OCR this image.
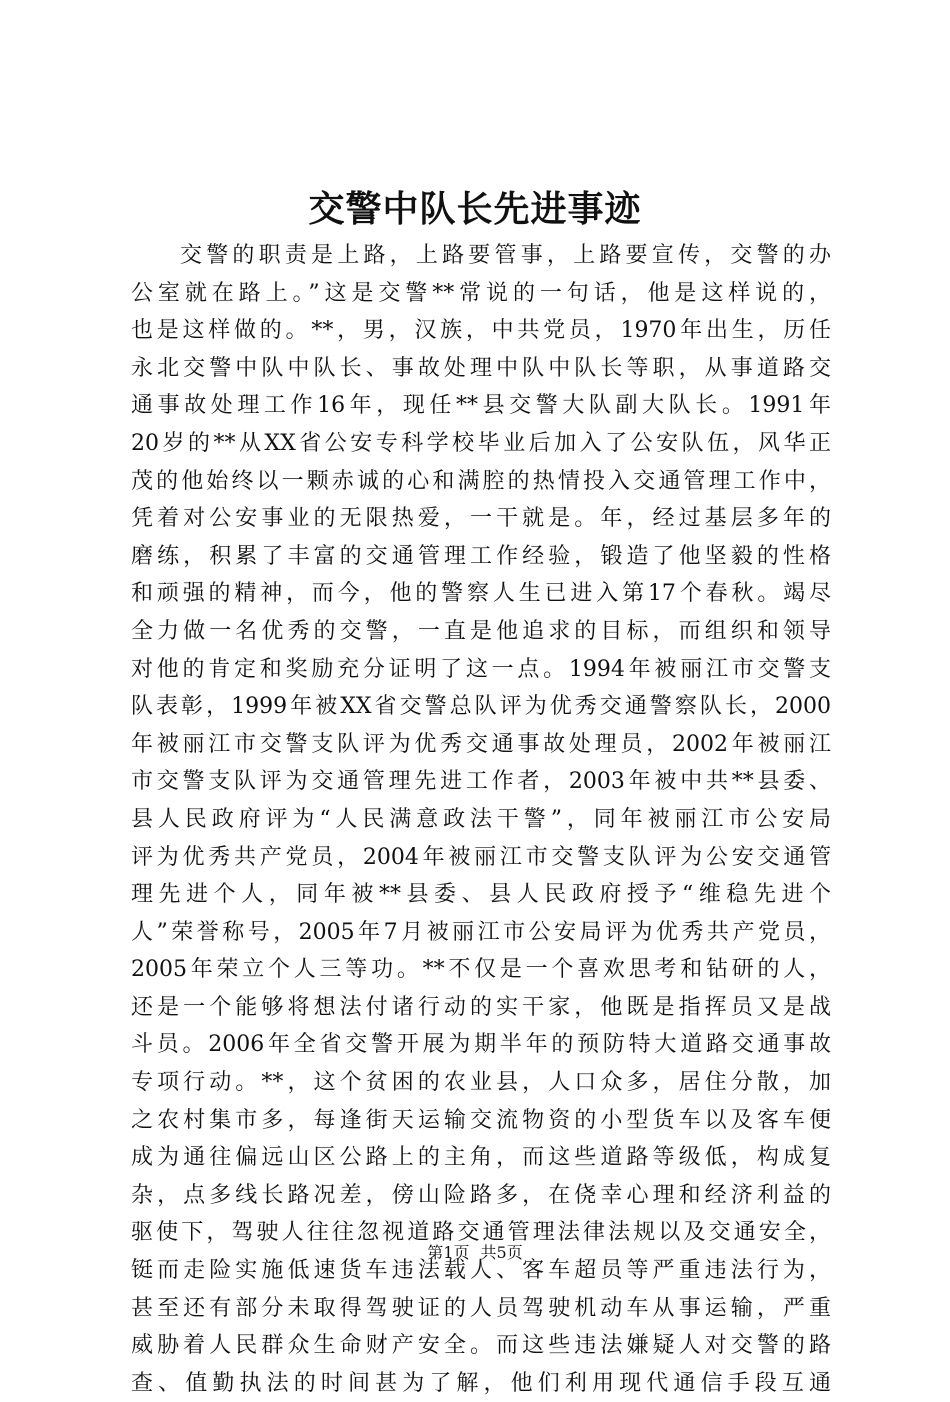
交警中队长先进事迹
交警的职责是上路，上路要管事，上路要宣传，交警的办
公室就在路上。”这是交警**常说的一句话，他是这样说的，
也是这样做的。**，男，汉族，中共党员，1970年出生，历任
永北交警中队中队长、事故处理中队中队长等职，从事道路交
通事故处理工作16年，现任**县交警大队副大队长。1991年
20岁的**从XX省公安专科学校毕业后加入了公安队伍，风华正
茂的他始终以一颗赤诚的心和满腔的热情投入交通管理工作中，
凭着对公安事业的无限热爱，一干就是。年，经过基层多年的
磨练，积累了丰富的交通管理工作经验，锻造了他坚毅的性格
和顽强的精神，而今，他的警察人生已进入第17个春秋。竭尽
全力做一名优秀的交警，一直是他追求的目标，而组织和领导
对他的肯定和奖励充分证明了这一点。1994年被丽江市交警支
队表彰，1999年被XX省交警总队评为优秀交通警察队长，2000
年被丽江市交警支队评为优秀交通事故处理员，2002年被丽江
市交警支队评为交通管理先进工作者，2003年被中共**县委、
县人民政府评为“人民满意政法干警”，同年被丽江市公安局
评为优秀共产党员，2004年被丽江市交警支队评为公安交通管
理先进个人，同年被**县委、县人民政府授予“维稳先进个
人”荣誉称号，2005年7月被丽江市公安局评为优秀共产党员，
2005年荣立个人三等功。**不仅是一个喜欢思考和钻研的人，
还是一个能够将想法付诸行动的实干家，他既是指挥员又是战
斗员。2006年全省交警开展为期半年的预防特大道路交通事故
专项行动。**，这个贫困的农业县，人口众多，居住分散，加
之农村集市多，每逢街天运输交流物资的小型货车以及客车便
成为通往偏远山区公路上的主角，而这些道路等级低，构成复
杂，点多线长路况差，傍山险路多，在侥幸心理和经济利益的
驱使下，驾驶人往往忽视道路交通管理法律法规以及交通安全，
铤而走险实施低速货车违法载人、客车超员等严重违法行为，
甚至还有部分未取得驾驶证的人员驾驶机动车从事运输，严重
威胁着人民群众生命财产安全。而这些违法嫌疑人对交警的路
查、值勤执法的时间甚为了解，他们利用现代通信手段互通
第1页 共5页
